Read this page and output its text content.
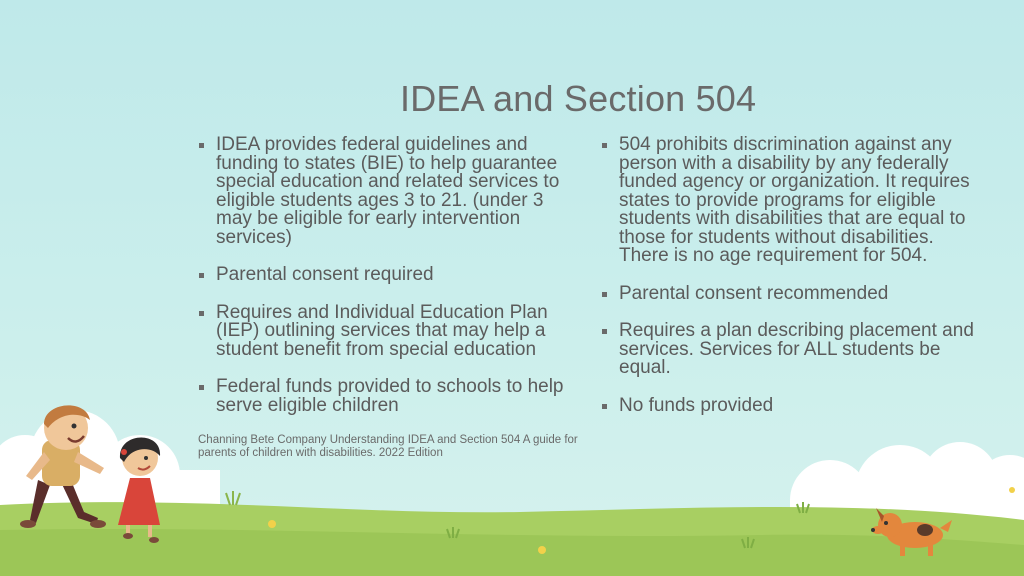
IDEA and Section 504
IDEA provides federal guidelines and funding to states (BIE) to help guarantee special education and related services to eligible students ages 3 to 21. (under 3 may be eligible for early intervention services)
Parental consent required
Requires and Individual Education Plan (IEP) outlining services that may help a student benefit from special education
Federal funds provided to schools to help serve eligible children
504 prohibits discrimination against any person with a disability by any federally funded agency or organization. It requires states to provide programs for eligible students with disabilities that are equal to those for students without disabilities. There is no age requirement for 504.
Parental consent recommended
Requires a plan describing placement and services. Services for ALL students be equal.
No funds provided
Channing Bete Company Understanding IDEA and Section 504 A guide for parents of children with disabilities. 2022 Edition
